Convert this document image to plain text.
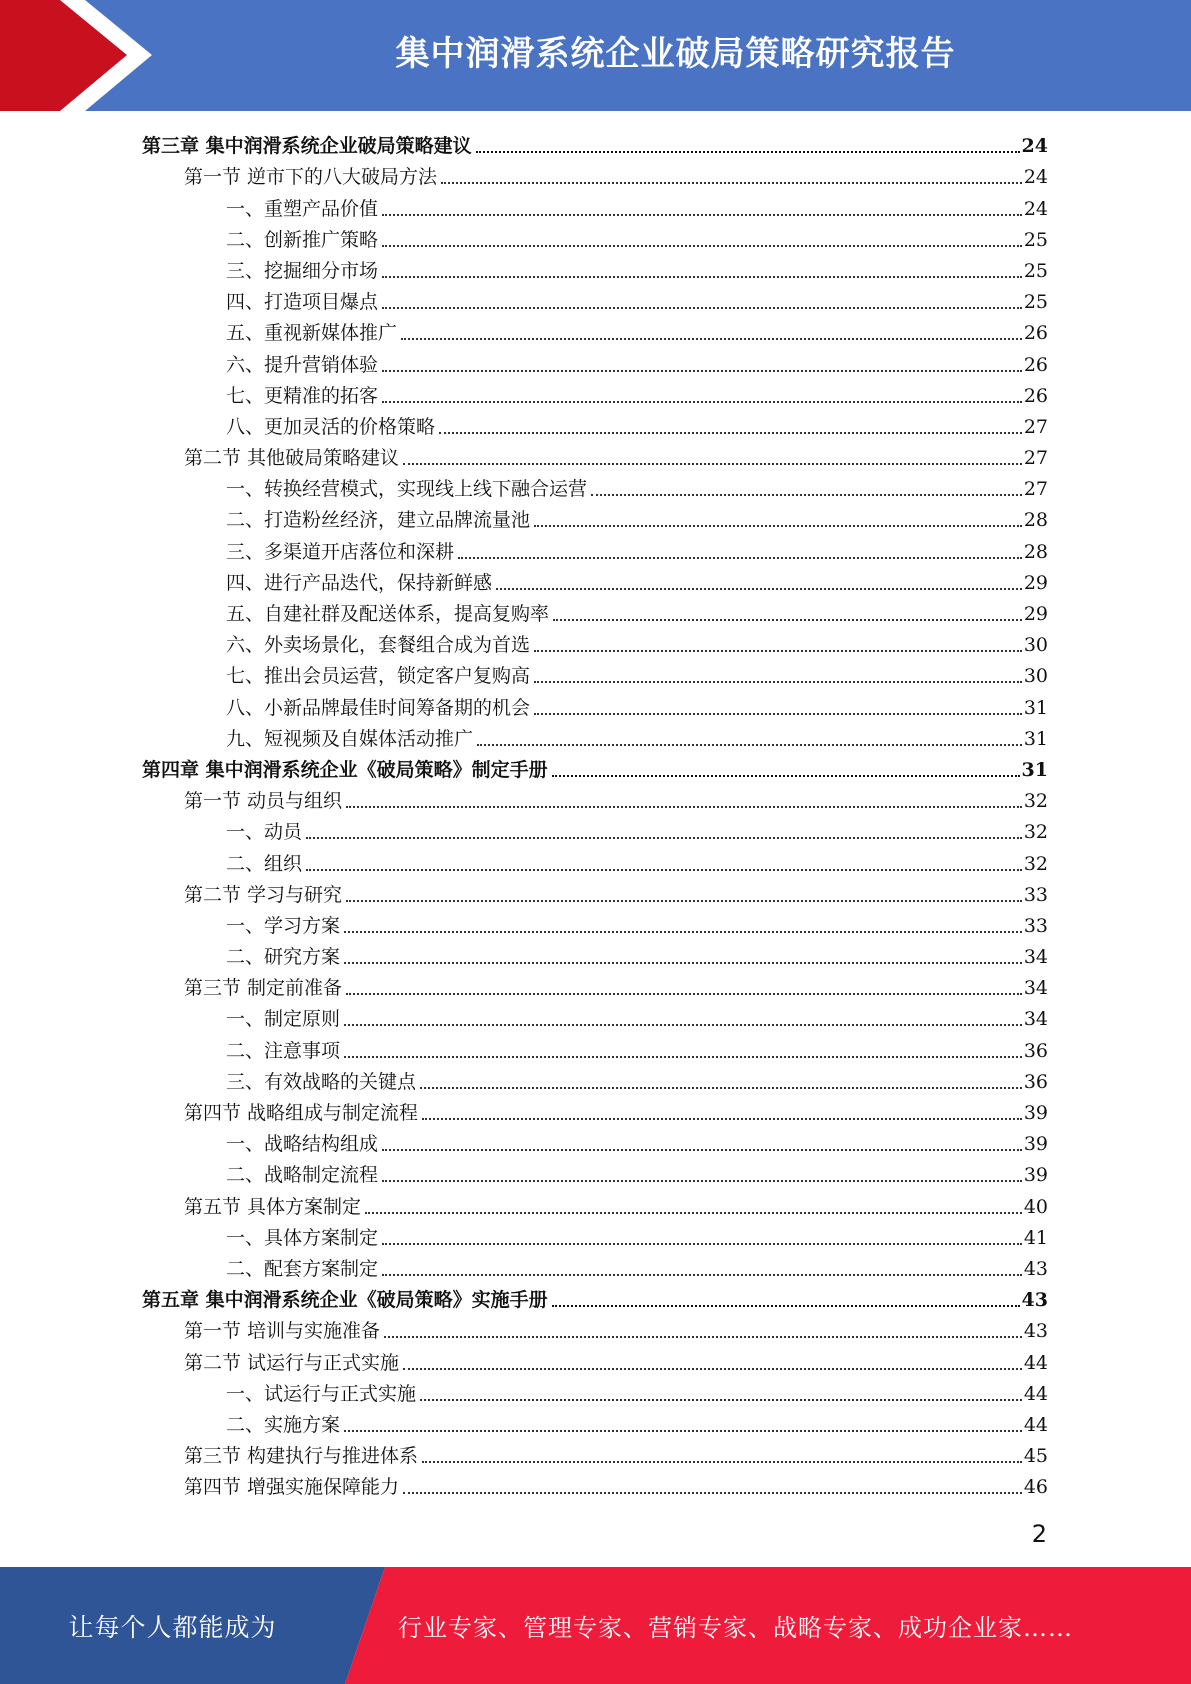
集中润滑系统企业破局策略研究报告
第三章 集中润滑系统企业破局策略建议	24
第一节 逆市下的八大破局方法	24
一、重塑产品价值	24
二、创新推广策略	25
三、挖掘细分市场	25
四、打造项目爆点	25
五、重视新媒体推广	26
六、提升营销体验	26
七、更精准的拓客	26
八、更加灵活的价格策略	27
第二节 其他破局策略建议	27
一、转换经营模式，实现线上线下融合运营	27
二、打造粉丝经济，建立品牌流量池	28
三、多渠道开店落位和深耕	28
四、进行产品迭代，保持新鲜感	29
五、自建社群及配送体系，提高复购率	29
六、外卖场景化，套餐组合成为首选	30
七、推出会员运营，锁定客户复购高	30
八、小新品牌最佳时间筹备期的机会	31
九、短视频及自媒体活动推广	31
第四章 集中润滑系统企业《破局策略》制定手册	31
第一节 动员与组织	32
一、动员	32
二、组织	32
第二节 学习与研究	33
一、学习方案	33
二、研究方案	34
第三节 制定前准备	34
一、制定原则	34
二、注意事项	36
三、有效战略的关键点	36
第四节 战略组成与制定流程	39
一、战略结构组成	39
二、战略制定流程	39
第五节 具体方案制定	40
一、具体方案制定	41
二、配套方案制定	43
第五章 集中润滑系统企业《破局策略》实施手册	43
第一节 培训与实施准备	43
第二节 试运行与正式实施	44
一、试运行与正式实施	44
二、实施方案	44
第三节 构建执行与推进体系	45
第四节 增强实施保障能力	46
2
让每个人都能成为	行业专家、管理专家、营销专家、战略专家、成功企业家……
